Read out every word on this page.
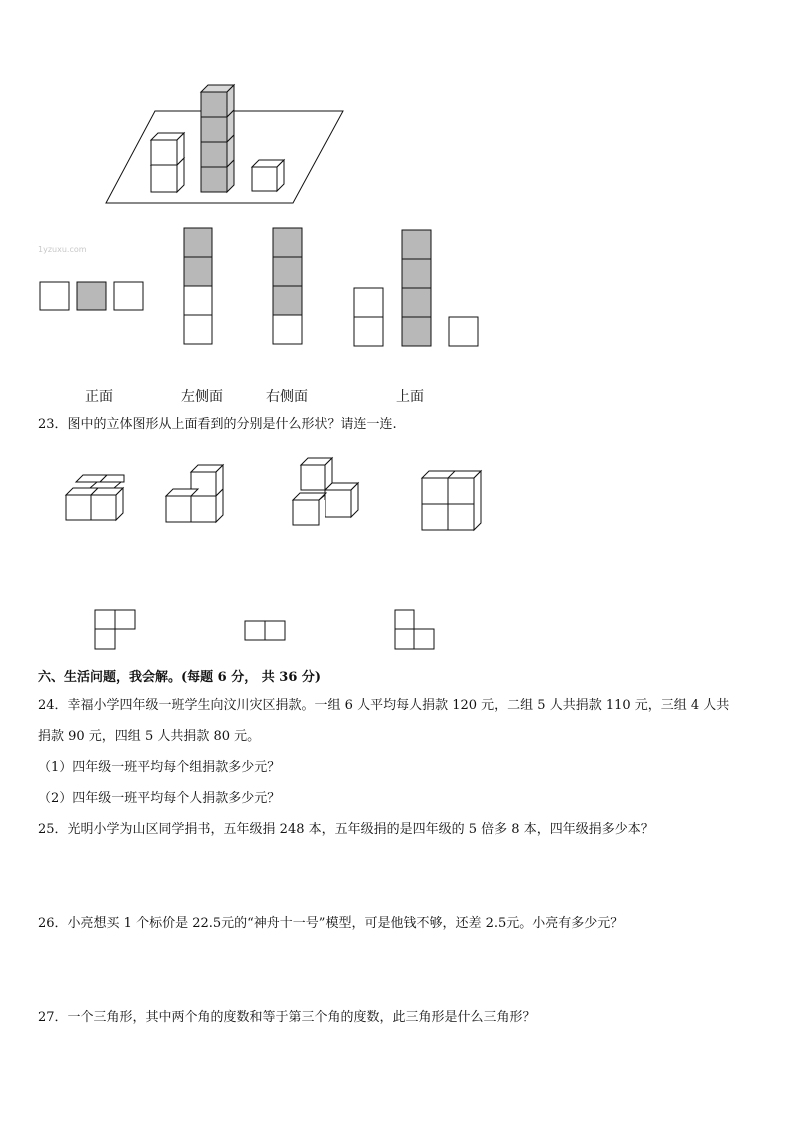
1yzuxu.com
正面	左侧面	右侧面	上面
23．图中的立体图形从上面看到的分别是什么形状？请连一连.
六、生活问题，我会解。(每题 6 分， 共 36 分)
24．幸福小学四年级一班学生向汶川灾区捐款。一组 6 人平均每人捐款 120 元，二组 5 人共捐款 110 元，三组 4 人共
捐款 90 元，四组 5 人共捐款 80 元。
（1）四年级一班平均每个组捐款多少元？
（2）四年级一班平均每个人捐款多少元？
25．光明小学为山区同学捐书，五年级捐 248 本，五年级捐的是四年级的 5 倍多 8 本，四年级捐多少本？
26．小亮想买 1 个标价是 22.5元的“神舟十一号”模型，可是他钱不够，还差 2.5元。小亮有多少元？
27．一个三角形，其中两个角的度数和等于第三个角的度数，此三角形是什么三角形？
